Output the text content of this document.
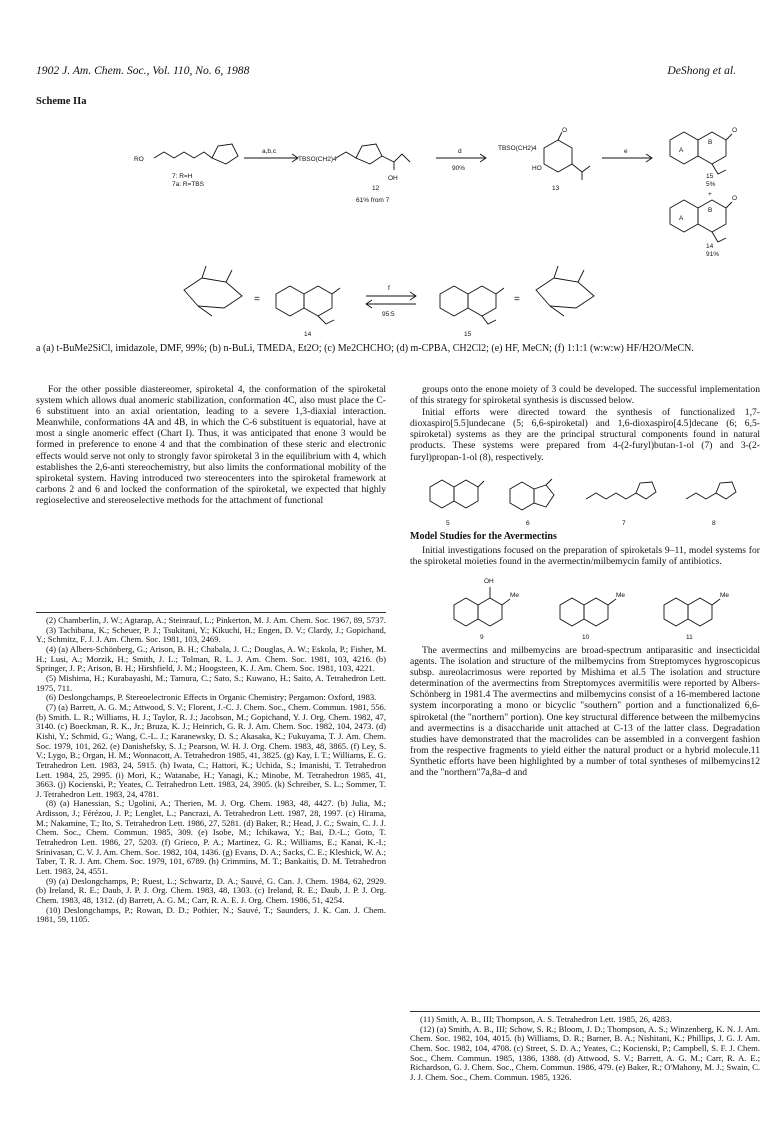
1902 J. Am. Chem. Soc., Vol. 110, No. 6, 1988	DeShong et al.
Scheme IIa
RO
7: R=H
7a: R=TBS
a,b,c
TBSO(CH2)4
OH
12
61% from 7
d
90%
TBSO(CH2)4
HO
O
13
e	A
B
O
15
5%
+
A
B
O
14
91%
=
f
95:5
=
14	15
a (a) t-BuMe2SiCl, imidazole, DMF, 99%; (b) n-BuLi, TMEDA, Et2O; (c) Me2CHCHO; (d) m-CPBA, CH2Cl2; (e) HF, MeCN; (f) 1:1:1 (w:w:w) HF/H2O/MeCN.

For the other possible diastereomer, spiroketal 4, the conformation of the spiroketal system which allows dual anomeric stabilization, conformation 4C, also must place the C-6 substituent into an axial orientation, leading to a severe 1,3-diaxial interaction. Meanwhile, conformations 4A and 4B, in which the C-6 substituent is equatorial, have at most a single anomeric effect (Chart I). Thus, it was anticipated that enone 3 would be formed in preference to enone 4 and that the combination of these steric and electronic effects would serve not only to strongly favor spiroketal 3 in the equilibrium with 4, which establishes the 2,6-anti stereochemistry, but also limits the conformational mobility of the spiroketal system. Having introduced two stereocenters into the spiroketal framework at carbons 2 and 6 and locked the conformation of the spiroketal, we expected that highly regioselective and stereoselective methods for the attachment of functional

(2) Chamberlin, J. W.; Agtarap, A.; Steinrauf, L.; Pinkerton, M. J. Am. Chem. Soc. 1967, 89, 5737.
(3) Tachibana, K.; Scheuer, P. J.; Tsukitani, Y.; Kikuchi, H.; Engen, D. V.; Clardy, J.; Gopichand, Y.; Schmitz, F. J. J. Am. Chem. Soc. 1981, 103, 2469.
(4) (a) Albers-Schönberg, G.; Arison, B. H.; Chabala, J. C.; Douglas, A. W.; Eskola, P.; Fisher, M. H.; Lusi, A.; Morzik, H.; Smith, J. L.; Tolman, R. L. J. Am. Chem. Soc. 1981, 103, 4216. (b) Springer, J. P.; Arison, B. H.; Hirshfield, J. M.; Hoogsteen, K. J. Am. Chem. Soc. 1981, 103, 4221.
(5) Mishima, H.; Kurabayashi, M.; Tamura, C.; Sato, S.; Kuwano, H.; Saito, A. Tetrahedron Lett. 1975, 711.
(6) Deslongchamps, P. Stereoelectronic Effects in Organic Chemistry; Pergamon: Oxford, 1983.
(7) (a) Barrett, A. G. M.; Attwood, S. V.; Florent, J.-C. J. Chem. Soc., Chem. Commun. 1981, 556. (b) Smith. L. R.; Williams, H. J.; Taylor, R. J.; Jacobson, M.; Gopichand, Y. J. Org. Chem. 1982, 47, 3140. (c) Boeckman, R. K., Jr.; Bruza, K. J.; Heinrich, G. R. J. Am. Chem. Soc. 1982, 104, 2473. (d) Kishi, Y.; Schmid, G.; Wang, C.-L. J.; Karanewsky, D. S.; Akasaka, K.; Fukuyama, T. J. Am. Chem. Soc. 1979, 101, 262. (e) Danishefsky, S. J.; Pearson, W. H. J. Org. Chem. 1983, 48, 3865. (f) Ley, S. V.; Lygo, B.; Organ, H. M.; Wonnacott, A. Tetrahedron 1985, 41, 3825. (g) Kay, I. T.; Williams, E. G. Tetrahedron Lett. 1983, 24, 5915. (h) Iwata, C.; Hattori, K.; Uchida, S.; Imanishi, T. Tetrahedron Lett. 1984, 25, 2995. (i) Mori, K.; Watanabe, H.; Yanagi, K.; Minobe, M. Tetrahedron 1985, 41, 3663. (j) Kocienski, P.; Yeates, C. Tetrahedron Lett. 1983, 24, 3905. (k) Schreiber, S. L.; Sommer, T. J. Tetrahedron Lett. 1983, 24, 4781.
(8) (a) Hanessian, S.; Ugolini, A.; Therien, M. J. Org. Chem. 1983, 48, 4427. (b) Julia, M.; Ardisson, J.; Férézou, J. P.; Lenglet, L.; Pancrazi, A. Tetrahedron Lett. 1987, 28, 1997. (c) Hirama, M.; Nakamine, T.; Ito, S. Tetrahedron Lett. 1986, 27, 5281. (d) Baker, R.; Head, J. C.; Swain, C. J. J. Chem. Soc., Chem. Commun. 1985, 309. (e) Isobe, M.; Ichikawa, Y.; Bai, D.-L.; Goto, T. Tetrahedron Lett. 1986, 27, 5203. (f) Grieco, P. A.; Martinez, G. R.; Williams, E.; Kanai, K.-I.; Srinivasan, C. V. J. Am. Chem. Soc. 1982, 104, 1436. (g) Evans, D. A.; Sacks, C. E.; Kleshick, W. A.; Taber, T. R. J. Am. Chem. Soc. 1979, 101, 6789. (h) Crimmins, M. T.; Bankaitis, D. M. Tetrahedron Lett. 1983, 24, 4551.
(9) (a) Deslongchamps, P.; Ruest, L.; Schwartz, D. A.; Sauvé, G. Can. J. Chem. 1984, 62, 2929. (b) Ireland, R. E.; Daub, J. P. J. Org. Chem. 1983, 48, 1303. (c) Ireland, R. E.; Daub, J. P. J. Org. Chem. 1983, 48, 1312. (d) Barrett, A. G. M.; Carr, R. A. E. J. Org. Chem. 1986, 51, 4254.
(10) Deslongchamps, P.; Rowan, D. D.; Pothier, N.; Sauvé, T.; Saunders, J. K. Can. J. Chem. 1981, 59, 1105.

groups onto the enone moiety of 3 could be developed. The successful implementation of this strategy for spiroketal synthesis is discussed below.

Initial efforts were directed toward the synthesis of functionalized 1,7-dioxaspiro[5.5]undecane (5; 6,6-spiroketal) and 1,6-dioxaspiro[4.5]decane (6; 6,5-spiroketal) systems as they are the principal structural components found in natural products. These systems were prepared from 4-(2-furyl)butan-1-ol (7) and 3-(2-furyl)propan-1-ol (8), respectively.

5	6	7	8
Model Studies for the Avermectins

Initial investigations focused on the preparation of spiroketals 9–11, model systems for the spiroketal moieties found in the avermectin/milbemycin family of antibiotics.

OH
Me	Me	Me
9	10	11

The avermectins and milbemycins are broad-spectrum antiparasitic and insecticidal agents. The isolation and structure of the milbemycins from Streptomyces hygroscopicus subsp. aureolacrimosus were reported by Mishima et al.5 The isolation and structure determination of the avermectins from Streptomyces avermitilis were reported by Albers-Schönberg in 1981.4 The avermectins and milbemycins consist of a 16-membered lactone system incorporating a mono or bicyclic "southern" portion and a functionalized 6,6-spiroketal (the "northern" portion). One key structural difference between the milbemycins and avermectins is a disaccharide unit attached at C-13 of the latter class. Degradation studies have demonstrated that the macrolides can be assembled in a convergent fashion from the respective fragments to yield either the natural product or a hybrid molecule.11 Synthetic efforts have been highlighted by a number of total syntheses of milbemycins12 and the "northern"7a,8a–d and

(11) Smith, A. B., III; Thompson, A. S. Tetrahedron Lett. 1985, 26, 4283.
(12) (a) Smith, A. B., III; Schow, S. R.; Bloom, J. D.; Thompson, A. S.; Winzenberg, K. N. J. Am. Chem. Soc. 1982, 104, 4015. (b) Williams, D. R.; Barner, B. A.; Nishitani, K.; Phillips, J. G. J. Am. Chem. Soc. 1982, 104, 4708. (c) Street, S. D. A.; Yeates, C.; Kocienski, P.; Campbell, S. F. J. Chem. Soc., Chem. Commun. 1985, 1386, 1388. (d) Attwood, S. V.; Barrett, A. G. M.; Carr, R. A. E.; Richardson, G. J. Chem. Soc., Chem. Commun. 1986, 479. (e) Baker, R.; O'Mahony, M. J.; Swain, C. J. J. Chem. Soc., Chem. Commun. 1985, 1326.
